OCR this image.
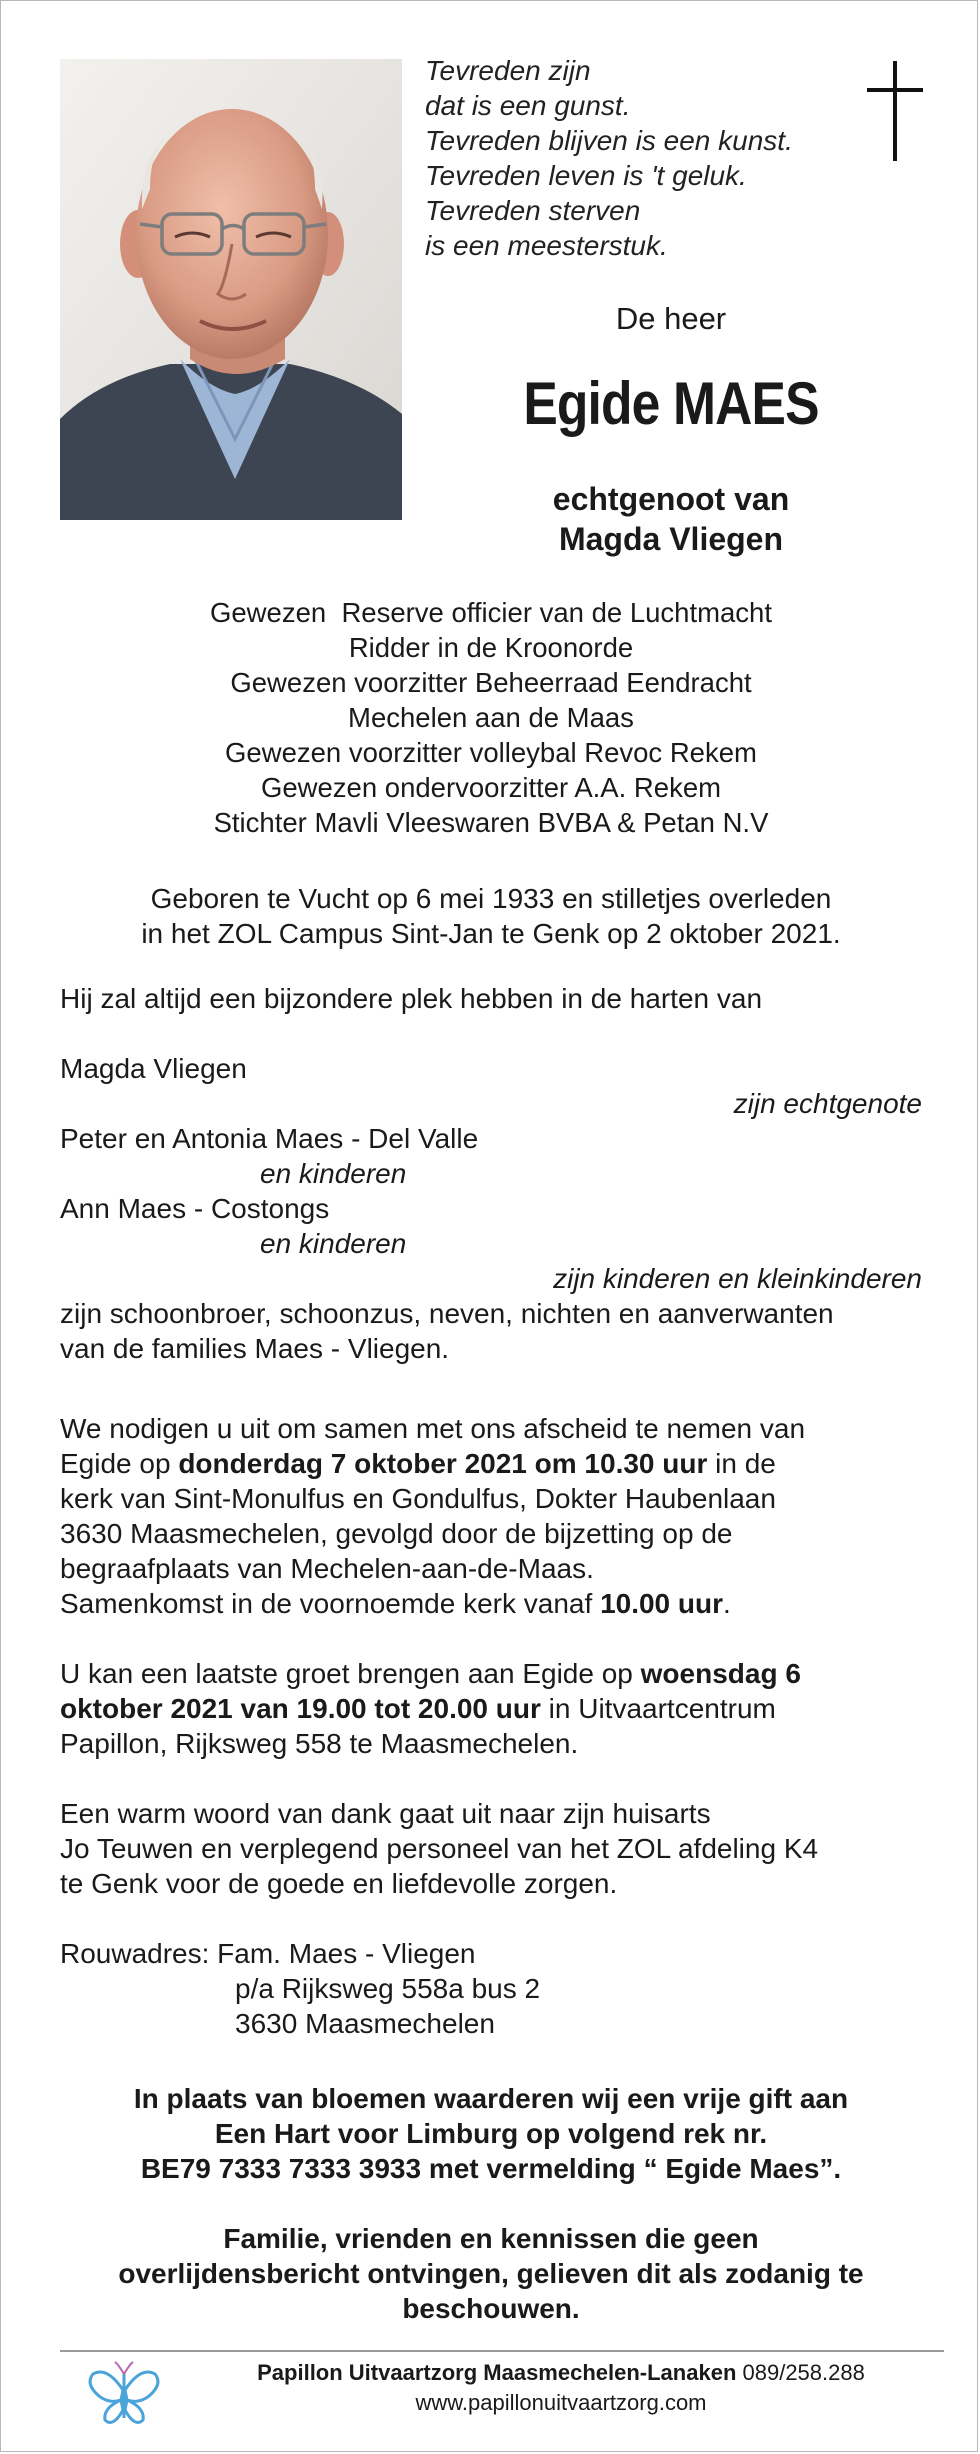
Tevreden zijn
dat is een gunst.
Tevreden blijven is een kunst.
Tevreden leven is 't geluk.
Tevreden sterven
is een meesterstuk.
De heer
Egide MAES
echtgenoot van
Magda Vliegen
Gewezen  Reserve officier van de Luchtmacht
Ridder in de Kroonorde
Gewezen voorzitter Beheerraad Eendracht
Mechelen aan de Maas
Gewezen voorzitter volleybal Revoc Rekem
Gewezen ondervoorzitter A.A. Rekem
Stichter Mavli Vleeswaren BVBA & Petan N.V
Geboren te Vucht op 6 mei 1933 en stilletjes overleden
in het ZOL Campus Sint-Jan te Genk op 2 oktober 2021.
Hij zal altijd een bijzondere plek hebben in de harten van
Magda Vliegen
zijn echtgenote
Peter en Antonia Maes - Del Valle
en kinderen
Ann Maes - Costongs
en kinderen
zijn kinderen en kleinkinderen
zijn schoonbroer, schoonzus, neven, nichten en aanverwanten
van de families Maes - Vliegen.
We nodigen u uit om samen met ons afscheid te nemen van
Egide op donderdag 7 oktober 2021 om 10.30 uur in de
kerk van Sint-Monulfus en Gondulfus, Dokter Haubenlaan
3630 Maasmechelen, gevolgd door de bijzetting op de
begraafplaats van Mechelen-aan-de-Maas.
Samenkomst in de voornoemde kerk vanaf 10.00 uur.
U kan een laatste groet brengen aan Egide op woensdag 6
oktober 2021 van 19.00 tot 20.00 uur in Uitvaartcentrum
Papillon, Rijksweg 558 te Maasmechelen.
Een warm woord van dank gaat uit naar zijn huisarts
Jo Teuwen en verplegend personeel van het ZOL afdeling K4
te Genk voor de goede en liefdevolle zorgen.
Rouwadres: Fam. Maes - Vliegen
p/a Rijksweg 558a bus 2
3630 Maasmechelen
In plaats van bloemen waarderen wij een vrije gift aan
Een Hart voor Limburg op volgend rek nr.
BE79 7333 7333 3933 met vermelding “ Egide Maes”.
Familie, vrienden en kennissen die geen
overlijdensbericht ontvingen, gelieven dit als zodanig te
beschouwen.
Papillon Uitvaartzorg Maasmechelen-Lanaken 089/258.288
www.papillonuitvaartzorg.com
